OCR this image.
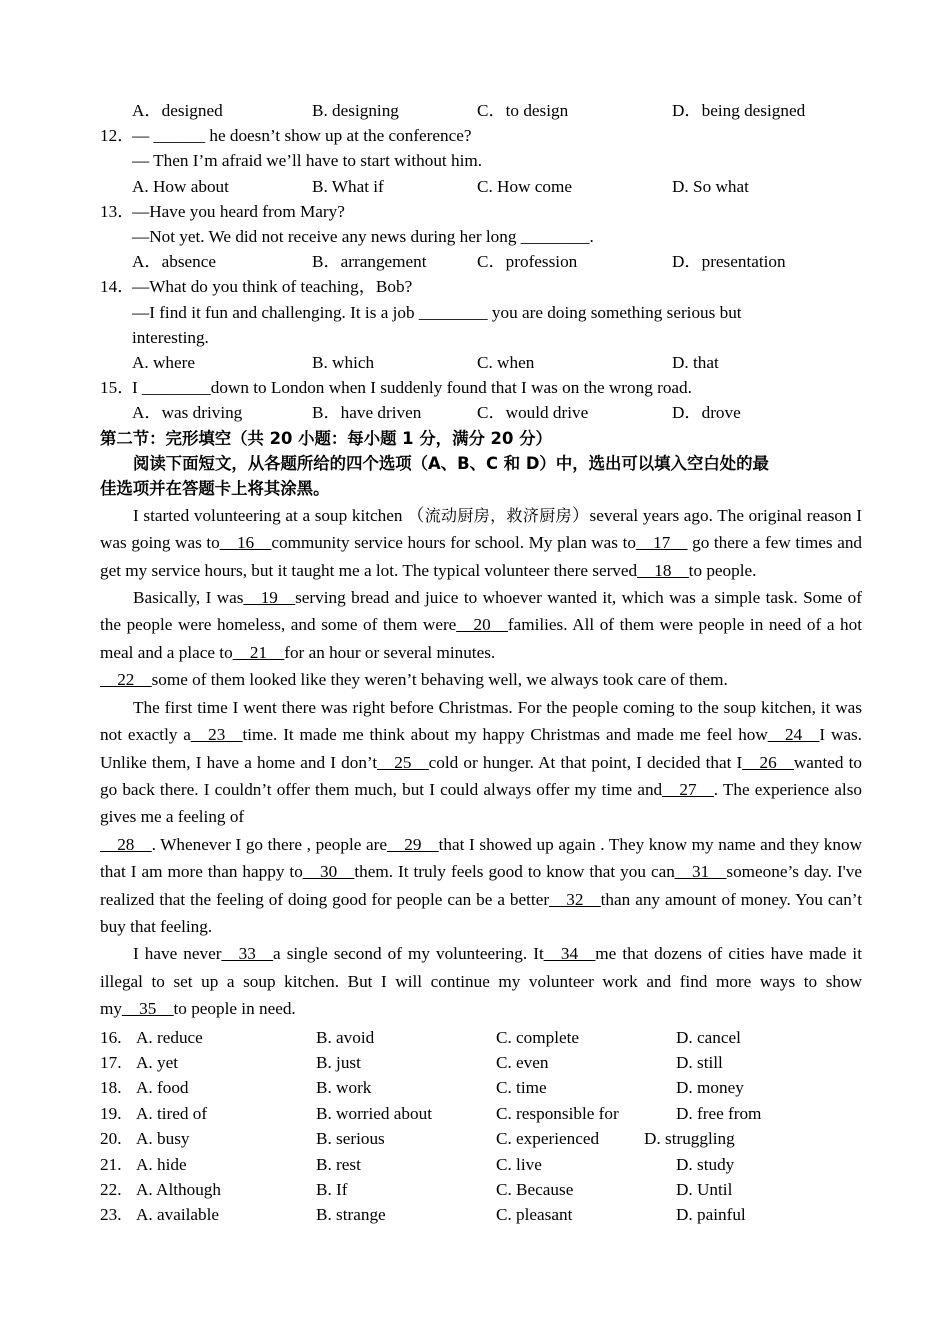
A．designed	B. designing	C．to design	D．being designed
12．
— ______ he doesn’t show up at the conference?
— Then I’m afraid we’ll have to start without him.
A. How about	B. What if	C. How come	D. So what
13．
—Have you heard from Mary?
—Not yet. We did not receive any news during her long ________.
A．absence	B．arrangement	C．profession	D．presentation
14．
—What do you think of teaching，Bob?
—I find it fun and challenging. It is a job ________ you are doing something serious but
interesting.
A. where	B. which	C. when	D. that
15．
I ________down to London when I suddenly found that I was on the wrong road.
A．was driving	B．have driven	C．would drive	D．drove
第二节：完形填空（共 20 小题：每小题 1 分，满分 20 分）
阅读下面短文，从各题所给的四个选项（A、B、C 和 D）中，选出可以填入空白处的最
佳选项并在答题卡上将其涂黑。

I started volunteering at a soup kitchen （流动厨房，救济厨房）several years ago. The original reason I was going was to__16__community service hours for school. My plan was to__17__ go there a few times and get my service hours, but it taught me a lot. The typical volunteer there served__18__to people.

Basically, I was__19__serving bread and juice to whoever wanted it, which was a simple task. Some of the people were homeless, and some of them were__20__families. All of them were people in need of a hot meal and a place to__21__for an hour or several minutes.

__22__some of them looked like they weren’t behaving well, we always took care of them.

The first time I went there was right before Christmas. For the people coming to the soup kitchen, it was not exactly a__23__time. It made me think about my happy Christmas and made me feel how__24__I was. Unlike them, I have a home and I don’t__25__cold or hunger. At that point, I decided that I__26__wanted to go back there. I couldn’t offer them much, but I could always offer my time and__27__. The experience also gives me a feeling of

__28__. Whenever I go there , people are__29__that I showed up again . They know my name and they know that I am more than happy to__30__them. It truly feels good to know that you can__31__someone’s day. I've realized that the feeling of doing good for people can be a better__32__than any amount of money. You can’t buy that feeling.

I have never__33__a single second of my volunteering. It__34__me that dozens of cities have made it illegal to set up a soup kitchen. But I will continue my volunteer work and find more ways to show my__35__to people in need.

16. A. reduce	B. avoid	C. complete	D. cancel
17. A. yet	B. just	C. even	D. still
18. A. food	B. work	C. time	D. money
19. A. tired of	B. worried about	C. responsible for	D. free from
20. A. busy	B. serious	C. experienced	D. struggling
21. A. hide	B. rest	C. live	D. study
22. A. Although	B. If	C. Because	D. Until
23. A. available	B. strange	C. pleasant	D. painful
